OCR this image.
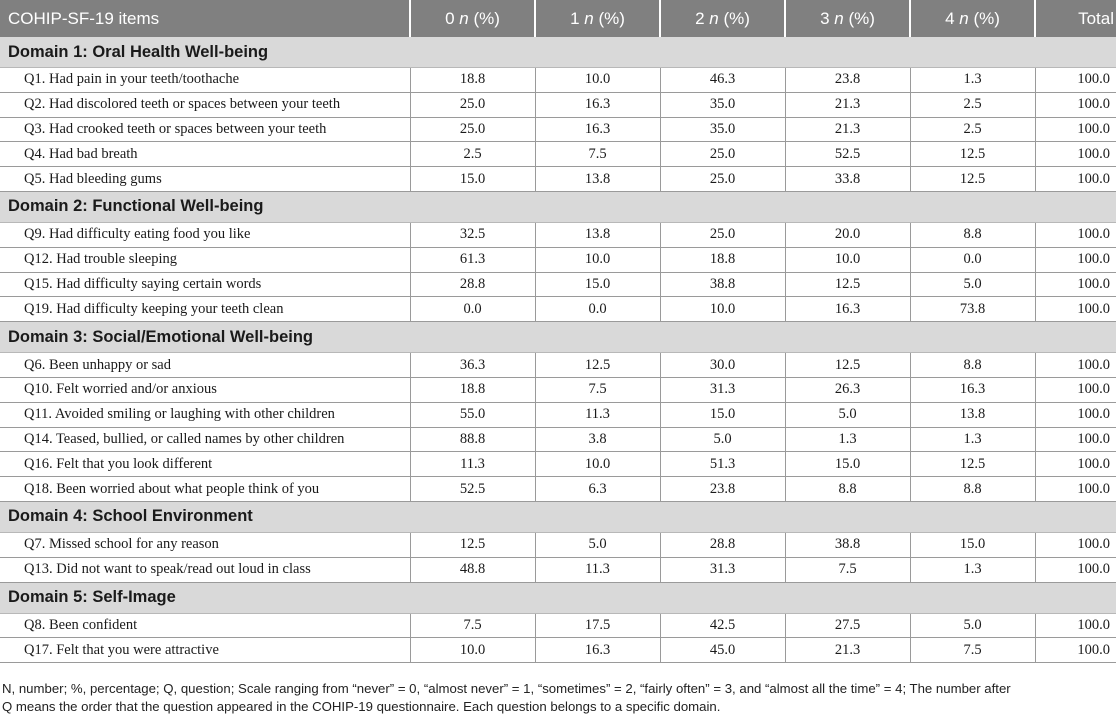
COHIP-SF-19 items	0 n (%)	1 n (%)	2 n (%)	3 n (%)	4 n (%)	Total
Domain 1: Oral Health Well-being						
Q1. Had pain in your teeth/toothache	18.8	10.0	46.3	23.8	1.3	100.0
Q2. Had discolored teeth or spaces between your teeth	25.0	16.3	35.0	21.3	2.5	100.0
Q3. Had crooked teeth or spaces between your teeth	25.0	16.3	35.0	21.3	2.5	100.0
Q4. Had bad breath	2.5	7.5	25.0	52.5	12.5	100.0
Q5. Had bleeding gums	15.0	13.8	25.0	33.8	12.5	100.0
Domain 2: Functional Well-being						
Q9. Had difficulty eating food you like	32.5	13.8	25.0	20.0	8.8	100.0
Q12. Had trouble sleeping	61.3	10.0	18.8	10.0	0.0	100.0
Q15. Had difficulty saying certain words	28.8	15.0	38.8	12.5	5.0	100.0
Q19. Had difficulty keeping your teeth clean	0.0	0.0	10.0	16.3	73.8	100.0
Domain 3: Social/Emotional Well-being						
Q6. Been unhappy or sad	36.3	12.5	30.0	12.5	8.8	100.0
Q10. Felt worried and/or anxious	18.8	7.5	31.3	26.3	16.3	100.0
Q11. Avoided smiling or laughing with other children	55.0	11.3	15.0	5.0	13.8	100.0
Q14. Teased, bullied, or called names by other children	88.8	3.8	5.0	1.3	1.3	100.0
Q16. Felt that you look different	11.3	10.0	51.3	15.0	12.5	100.0
Q18. Been worried about what people think of you	52.5	6.3	23.8	8.8	8.8	100.0
Domain 4: School Environment						
Q7. Missed school for any reason	12.5	5.0	28.8	38.8	15.0	100.0
Q13. Did not want to speak/read out loud in class	48.8	11.3	31.3	7.5	1.3	100.0
Domain 5: Self-Image						
Q8. Been confident	7.5	17.5	42.5	27.5	5.0	100.0
Q17. Felt that you were attractive	10.0	16.3	45.0	21.3	7.5	100.0
N, number; %, percentage; Q, question; Scale ranging from “never” = 0, “almost never” = 1, “sometimes” = 2, “fairly often” = 3, and “almost all the time” = 4; The number after
Q means the order that the question appeared in the COHIP-19 questionnaire. Each question belongs to a specific domain.
